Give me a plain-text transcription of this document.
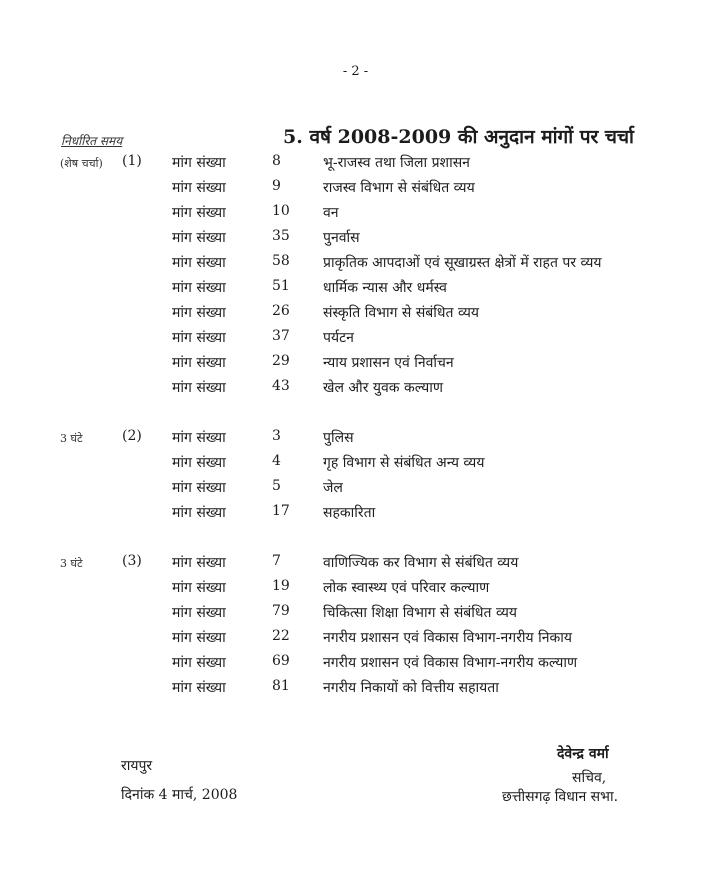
- 2 -
निर्धारित समय	5. वर्ष 2008-2009 की अनुदान मांगों पर चर्चा
(शेष चर्चा) (1) मांग संख्या	8	भू-राजस्व तथा जिला प्रशासन
मांग संख्या	9	राजस्व विभाग से संबंधित व्यय
मांग संख्या	10 वन
मांग संख्या	35 पुनर्वास
मांग संख्या	58 प्राकृतिक आपदाओं एवं सूखाग्रस्त क्षेत्रों में राहत पर व्यय
मांग संख्या	51 धार्मिक न्यास और धर्मस्व
मांग संख्या	26 संस्कृति विभाग से संबंधित व्यय
मांग संख्या	37 पर्यटन
मांग संख्या	29 न्याय प्रशासन एवं निर्वाचन
मांग संख्या	43 खेल और युवक कल्याण
3 घंटे	(2) मांग संख्या	3	पुलिस
मांग संख्या	4	गृह विभाग से संबंधित अन्य व्यय
मांग संख्या	5	जेल
मांग संख्या	17 सहकारिता
3 घंटे	(3) मांग संख्या	7	वाणिज्यिक कर विभाग से संबंधित व्यय
मांग संख्या	19 लोक स्वास्थ्य एवं परिवार कल्याण
मांग संख्या	79 चिकित्सा शिक्षा विभाग से संबंधित व्यय
मांग संख्या	22 नगरीय प्रशासन एवं विकास विभाग-नगरीय निकाय
मांग संख्या	69 नगरीय प्रशासन एवं विकास विभाग-नगरीय कल्याण
मांग संख्या	81 नगरीय निकायों को वित्तीय सहायता
रायपुर
दिनांक 4 मार्च, 2008
देवेन्द्र वर्मा
सचिव,
छत्तीसगढ़ विधान सभा.
